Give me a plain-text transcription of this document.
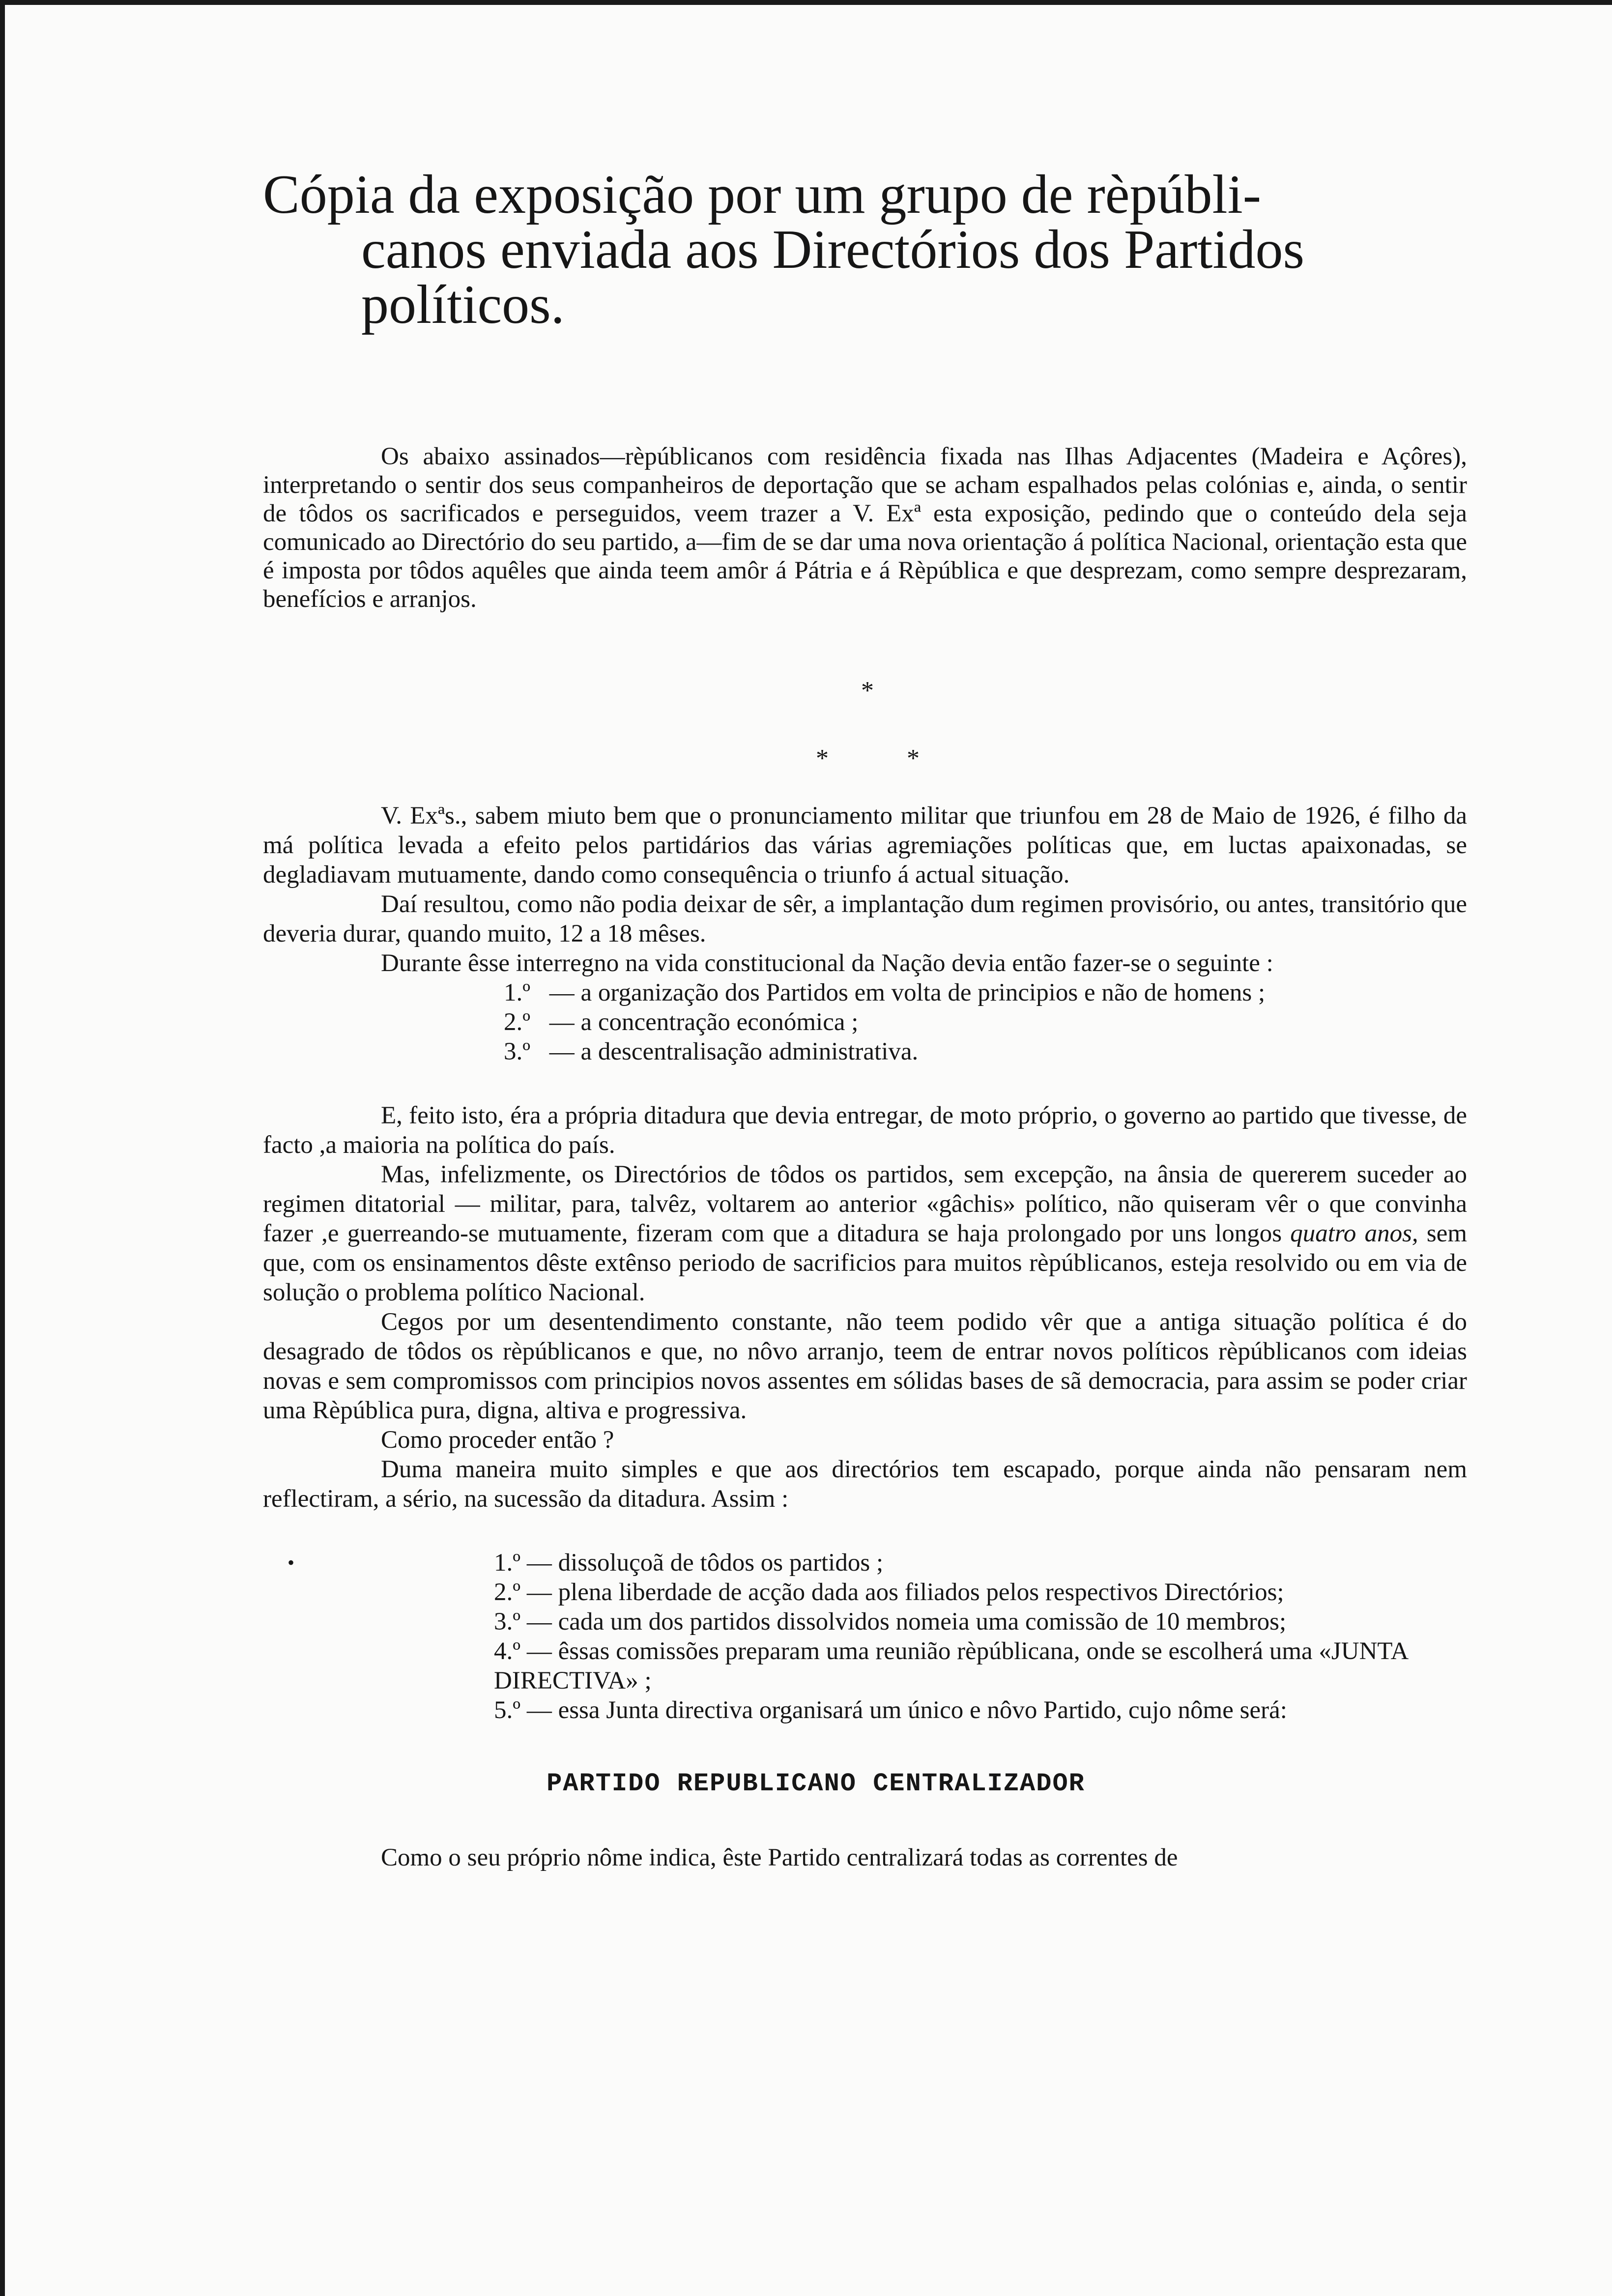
Cópia da exposição por um grupo de rèpúbli-
canos enviada aos Directórios dos Partidos
políticos.

Os abaixo assinados—rèpúblicanos com residência fixada nas Ilhas Adjacentes (Madeira e Açôres), interpretando o sentir dos seus companheiros de deportação que se acham espalhados pelas colónias e, ainda, o sentir de tôdos os sacrificados e perseguidos, veem trazer a V. Exª esta exposição, pedindo que o conteúdo dela seja comunicado ao Directório do seu partido, a—fim de se dar uma nova orientação á política Nacional, orientação esta que é imposta por tôdos aquêles que ainda teem amôr á Pátria e á Rèpública e que desprezam, como sempre desprezaram, benefícios e arranjos.

*
*	*

V. Exªs., sabem miuto bem que o pronunciamento militar que triunfou em 28 de Maio de 1926, é filho da má política levada a efeito pelos partidários das várias agremiações políticas que, em luctas apaixonadas, se degladiavam mutuamente, dando como consequência o triunfo á actual situação.

Daí resultou, como não podia deixar de sêr, a implantação dum regimen provisório, ou antes, transitório que deveria durar, quando muito, 12 a 18 mêses.

Durante êsse interregno na vida constitucional da Nação devia então fazer-se o seguinte :

1.º — a organização dos Partidos em volta de principios e não de homens ;
2.º — a concentração económica ;
3.º — a descentralisação administrativa.

E, feito isto, éra a própria ditadura que devia entregar, de moto próprio, o governo ao partido que tivesse, de facto ,a maioria na política do país.

Mas, infelizmente, os Directórios de tôdos os partidos, sem excepção, na ânsia de quererem suceder ao regimen ditatorial — militar, para, talvêz, voltarem ao anterior «gâchis» político, não quiseram vêr o que convinha fazer ,e guerreando-se mutuamente, fizeram com que a ditadura se haja prolongado por uns longos quatro anos, sem que, com os ensinamentos dêste extênso periodo de sacrificios para muitos rèpúblicanos, esteja resolvido ou em via de solução o problema político Nacional.

Cegos por um desentendimento constante, não teem podido vêr que a antiga situação política é do desagrado de tôdos os rèpúblicanos e que, no nôvo arranjo, teem de entrar novos políticos rèpúblicanos com ideias novas e sem compromissos com principios novos assentes em sólidas bases de sã democracia, para assim se poder criar uma Rèpública pura, digna, altiva e progressiva.

Como proceder então ?

Duma maneira muito simples e que aos directórios tem escapado, porque ainda não pensaram nem reflectiram, a sério, na sucessão da ditadura. Assim :

•	1.º — dissoluçoã de tôdos os partidos ;
2.º — plena liberdade de acção dada aos filiados pelos respectivos Directórios;
3.º — cada um dos partidos dissolvidos nomeia uma comissão de 10 membros;
4.º — êssas comissões preparam uma reunião rèpúblicana, onde se escolherá uma «JUNTA DIRECTIVA» ;
5.º — essa Junta directiva organisará um único e nôvo Partido, cujo nôme será:
PARTIDO REPUBLICANO CENTRALIZADOR

Como o seu próprio nôme indica, êste Partido centralizará todas as correntes de
